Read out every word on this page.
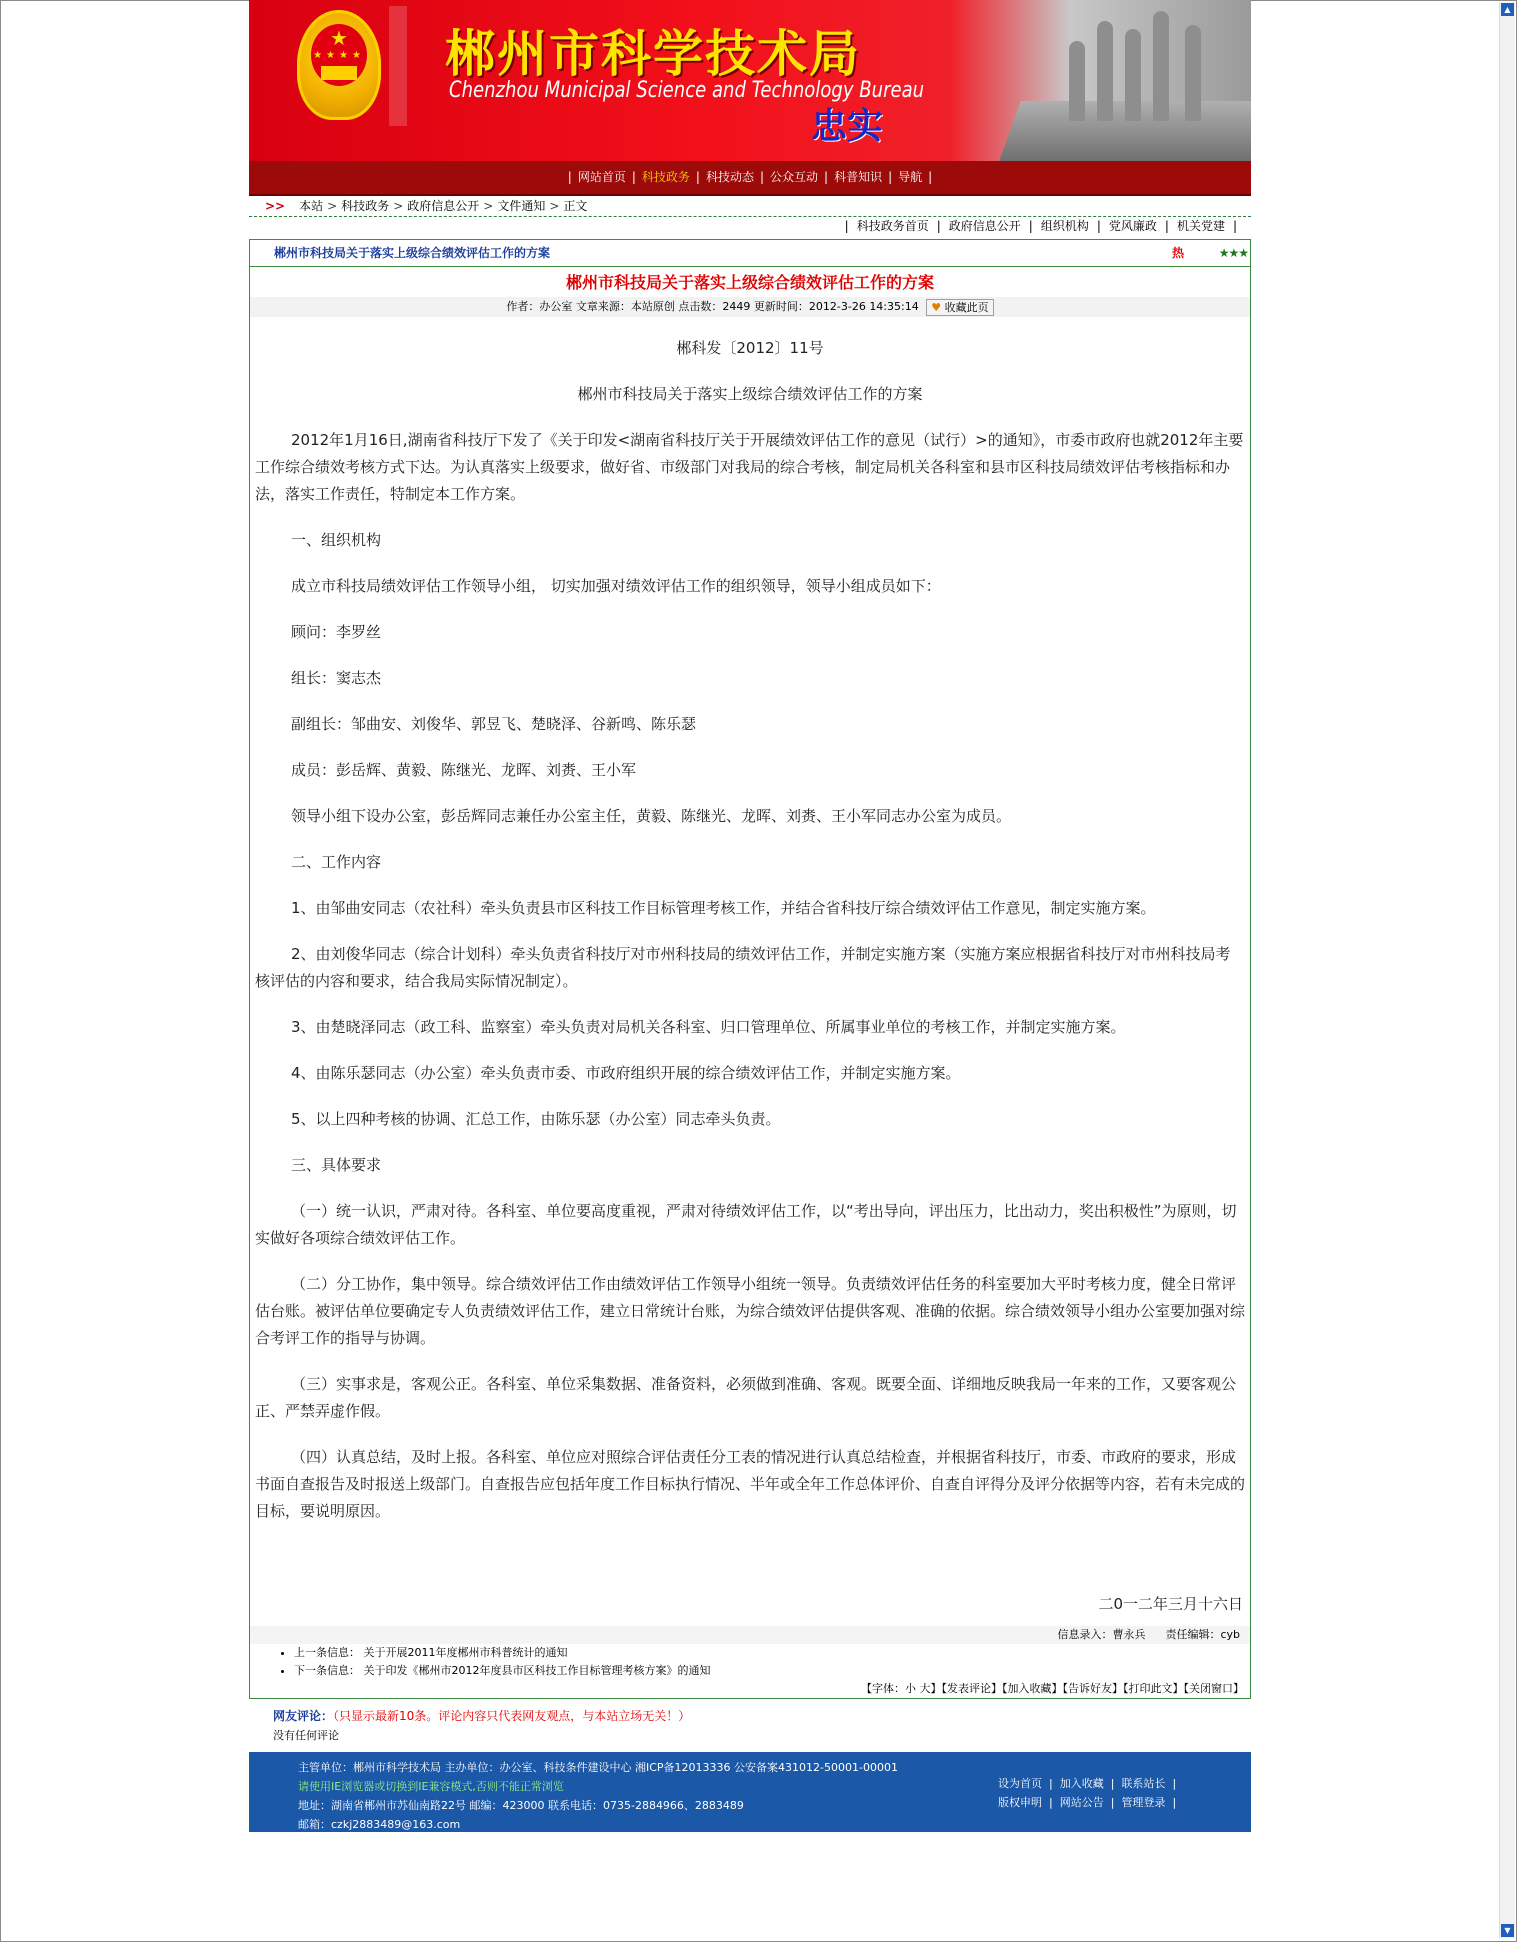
▲
▼
★
★★★★ 郴州市科学技术局
Chenzhou Municipal Science and Technology Bureau
忠实
| 网站首页 | 科技政务 | 科技动态 | 公众互动 | 科普知识 | 导航 |
>> 本站 > 科技政务 > 政府信息公开 > 文件通知 > 正文
| 科技政务首页 | 政府信息公开 | 组织机构 | 党风廉政 | 机关党建 |
郴州市科技局关于落实上级综合绩效评估工作的方案	热	★★★
郴州市科技局关于落实上级综合绩效评估工作的方案
作者：办公室 文章来源：本站原创 点击数：2449 更新时间：2012-3-26 14:35:14 ♥ 收藏此页

郴科发〔2012〕11号

郴州市科技局关于落实上级综合绩效评估工作的方案

2012年1月16日,湖南省科技厅下发了《关于印发<湖南省科技厅关于开展绩效评估工作的意见（试行）>的通知》，市委市政府也就2012年主要工作综合绩效考核方式下达。为认真落实上级要求，做好省、市级部门对我局的综合考核，制定局机关各科室和县市区科技局绩效评估考核指标和办法，落实工作责任，特制定本工作方案。

一、组织机构

成立市科技局绩效评估工作领导小组， 切实加强对绩效评估工作的组织领导，领导小组成员如下：

顾问：李罗丝

组长：窦志杰

副组长：邹曲安、刘俊华、郭昱飞、楚晓泽、谷新鸣、陈乐瑟

成员：彭岳辉、黄毅、陈继光、龙晖、刘赉、王小军

领导小组下设办公室，彭岳辉同志兼任办公室主任，黄毅、陈继光、龙晖、刘赉、王小军同志办公室为成员。

二、工作内容

1、由邹曲安同志（农社科）牵头负责县市区科技工作目标管理考核工作，并结合省科技厅综合绩效评估工作意见，制定实施方案。

2、由刘俊华同志（综合计划科）牵头负责省科技厅对市州科技局的绩效评估工作，并制定实施方案（实施方案应根据省科技厅对市州科技局考核评估的内容和要求，结合我局实际情况制定）。

3、由楚晓泽同志（政工科、监察室）牵头负责对局机关各科室、归口管理单位、所属事业单位的考核工作，并制定实施方案。

4、由陈乐瑟同志（办公室）牵头负责市委、市政府组织开展的综合绩效评估工作，并制定实施方案。

5、以上四种考核的协调、汇总工作，由陈乐瑟（办公室）同志牵头负责。

三、具体要求

（一）统一认识，严肃对待。各科室、单位要高度重视，严肃对待绩效评估工作，以“考出导向，评出压力，比出动力，奖出积极性”为原则，切实做好各项综合绩效评估工作。

（二）分工协作，集中领导。综合绩效评估工作由绩效评估工作领导小组统一领导。负责绩效评估任务的科室要加大平时考核力度，健全日常评估台账。被评估单位要确定专人负责绩效评估工作，建立日常统计台账，为综合绩效评估提供客观、准确的依据。综合绩效领导小组办公室要加强对综合考评工作的指导与协调。

（三）实事求是，客观公正。各科室、单位采集数据、准备资料，必须做到准确、客观。既要全面、详细地反映我局一年来的工作，又要客观公正、严禁弄虚作假。

（四）认真总结，及时上报。各科室、单位应对照综合评估责任分工表的情况进行认真总结检查，并根据省科技厅，市委、市政府的要求，形成书面自查报告及时报送上级部门。自查报告应包括年度工作目标执行情况、半年或全年工作总体评价、自查自评得分及评分依据等内容，若有未完成的目标，要说明原因。

二0一二年三月十六日

信息录入：曹永兵 责任编辑：cyb
• 上一条信息： 关于开展2011年度郴州市科普统计的通知
• 下一条信息： 关于印发《郴州市2012年度县市区科技工作目标管理考核方案》的通知
【字体：小 大】【发表评论】【加入收藏】【告诉好友】【打印此文】【关闭窗口】
网友评论：（只显示最新10条。评论内容只代表网友观点，与本站立场无关！）
没有任何评论
主管单位：郴州市科学技术局 主办单位：办公室、科技条件建设中心 湘ICP备12013336 公安备案431012-50001-00001
请使用IE浏览器或切换到IE兼容模式,否则不能正常浏览
地址：湖南省郴州市苏仙南路22号 邮编：423000 联系电话：0735-2884966、2883489
邮箱：czkj2883489@163.com
设为首页 | 加入收藏 | 联系站长 |
版权申明 | 网站公告 | 管理登录 |
